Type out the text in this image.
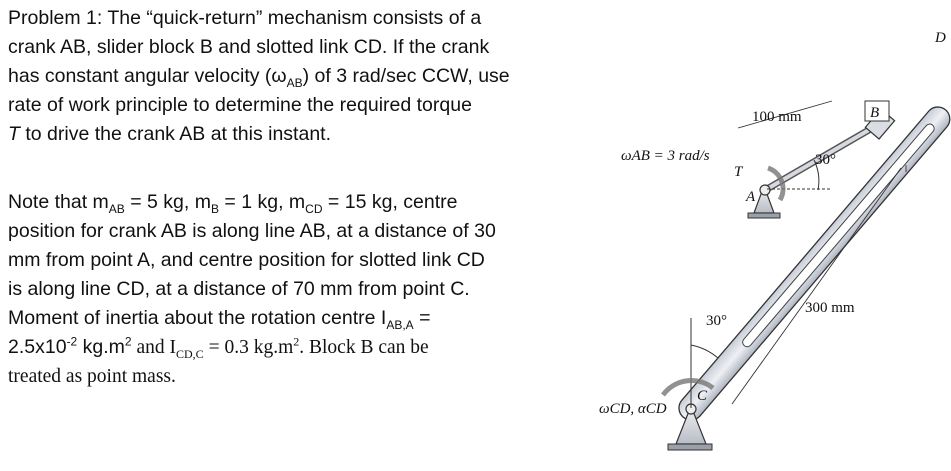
Problem 1: The “quick-return” mechanism consists of a
crank AB, slider block B and slotted link CD. If the crank
has constant angular velocity $(\omega_{AB})$ of 3 rad/sec CCW, use
rate of work principle to determine the required torque
T to drive the crank AB at this instant.
Note that $m_{AB} = 5$ kg, $m_B = 1$ kg, $m_{CD} = 15$ kg, centre
position for crank AB is along line AB, at a distance of 30
mm from point A, and centre position for slotted link CD
is along line CD, at a distance of 70 mm from point C.
Moment of inertia about the rotation centre $I_{AB,A}$ =
$2.5x10^{-2}$ $kg.m^2$ and $I_{CD,C} = 0.3$ $kg.m^2$. Block B can be
treated as point mass.
D
B
A
C
T
100 mm
300 mm
30°
30°
ωAB = 3 rad/s
ωCD, αCD
